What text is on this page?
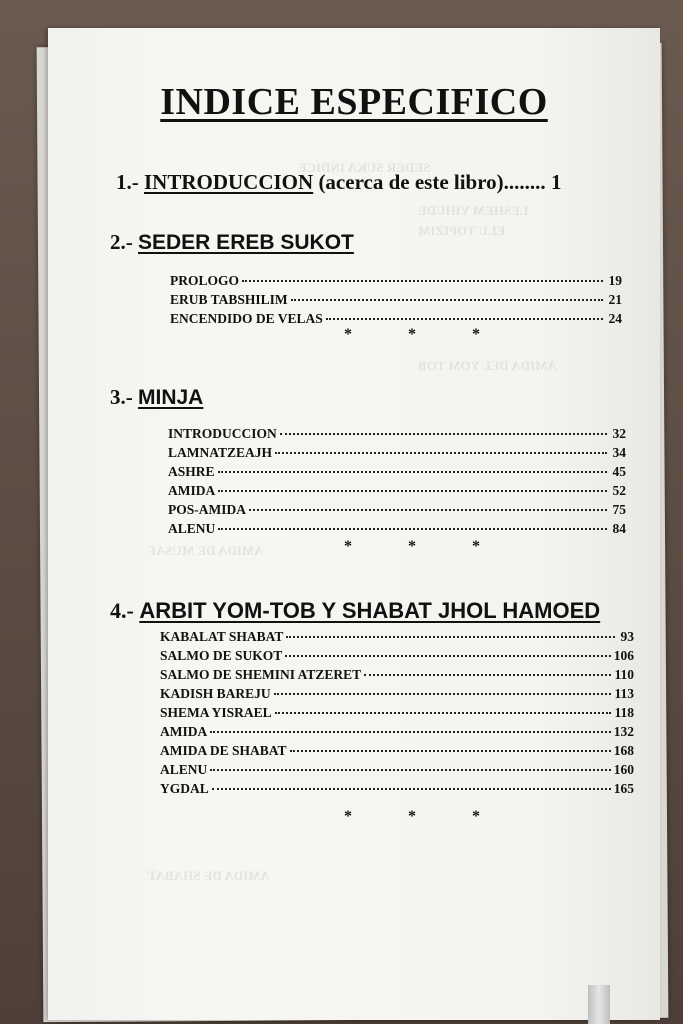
SEDER SUKA INDICE
LESHEM YIHUDE
ELU TOPIZIM
AMIDA DEL YOM TOB
AMIDA DE MUSAF
AMIDA DE SHABAT
INDICE ESPECIFICO
1.- INTRODUCCION (acerca de este libro)........ 1
2.- SEDER EREB SUKOT
PROLOGO	19
ERUB TABSHILIM	21
ENCENDIDO DE VELAS	24
* * *
3.- MINJA
INTRODUCCION	32
LAMNATZEAJH	34
ASHRE	45
AMIDA	52
POS-AMIDA	75
ALENU	84
* * *
4.- ARBIT YOM-TOB Y SHABAT JHOL HAMOED
KABALAT SHABAT	93
SALMO DE SUKOT	106
SALMO DE SHEMINI ATZERET	110
KADISH BAREJU	113
SHEMA YISRAEL	118
AMIDA	132
AMIDA DE SHABAT	168
ALENU	160
YGDAL	165
* * *
